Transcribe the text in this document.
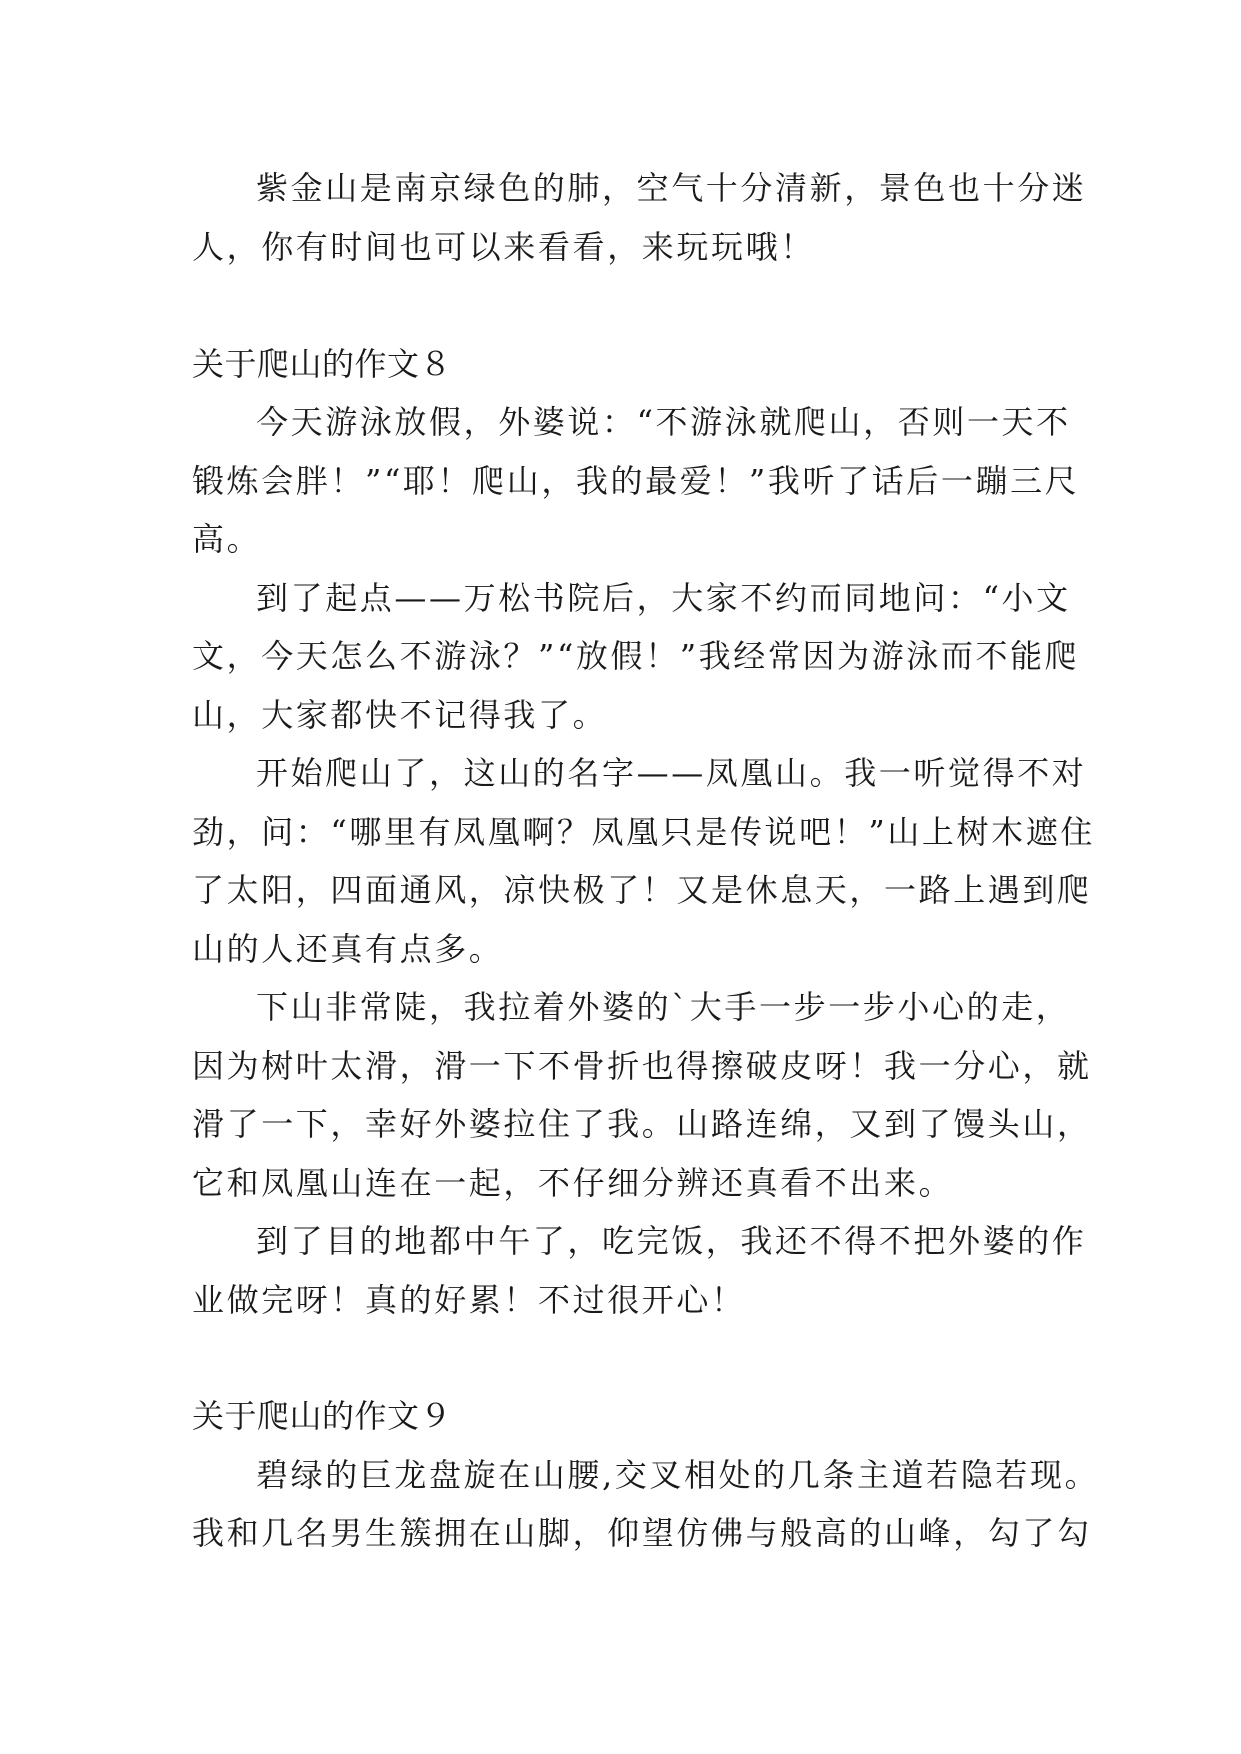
紫金山是南京绿色的肺，空气十分清新，景色也十分迷
人，你有时间也可以来看看，来玩玩哦！
关于爬山的作文８
今天游泳放假，外婆说：“不游泳就爬山，否则一天不
锻炼会胖！”“耶！爬山，我的最爱！”我听了话后一蹦三尺
高。
到了起点——万松书院后，大家不约而同地问：“小文
文，今天怎么不游泳？”“放假！”我经常因为游泳而不能爬
山，大家都快不记得我了。
开始爬山了，这山的名字——凤凰山。我一听觉得不对
劲，问：“哪里有凤凰啊？凤凰只是传说吧！”山上树木遮住
了太阳，四面通风，凉快极了！又是休息天，一路上遇到爬
山的人还真有点多。
下山非常陡，我拉着外婆的`大手一步一步小心的走，
因为树叶太滑，滑一下不骨折也得擦破皮呀！我一分心，就
滑了一下，幸好外婆拉住了我。山路连绵，又到了馒头山，
它和凤凰山连在一起，不仔细分辨还真看不出来。
到了目的地都中午了，吃完饭，我还不得不把外婆的作
业做完呀！真的好累！不过很开心！
关于爬山的作文９
碧绿的巨龙盘旋在山腰,交叉相处的几条主道若隐若现。
我和几名男生簇拥在山脚，仰望仿佛与般高的山峰，勾了勾
